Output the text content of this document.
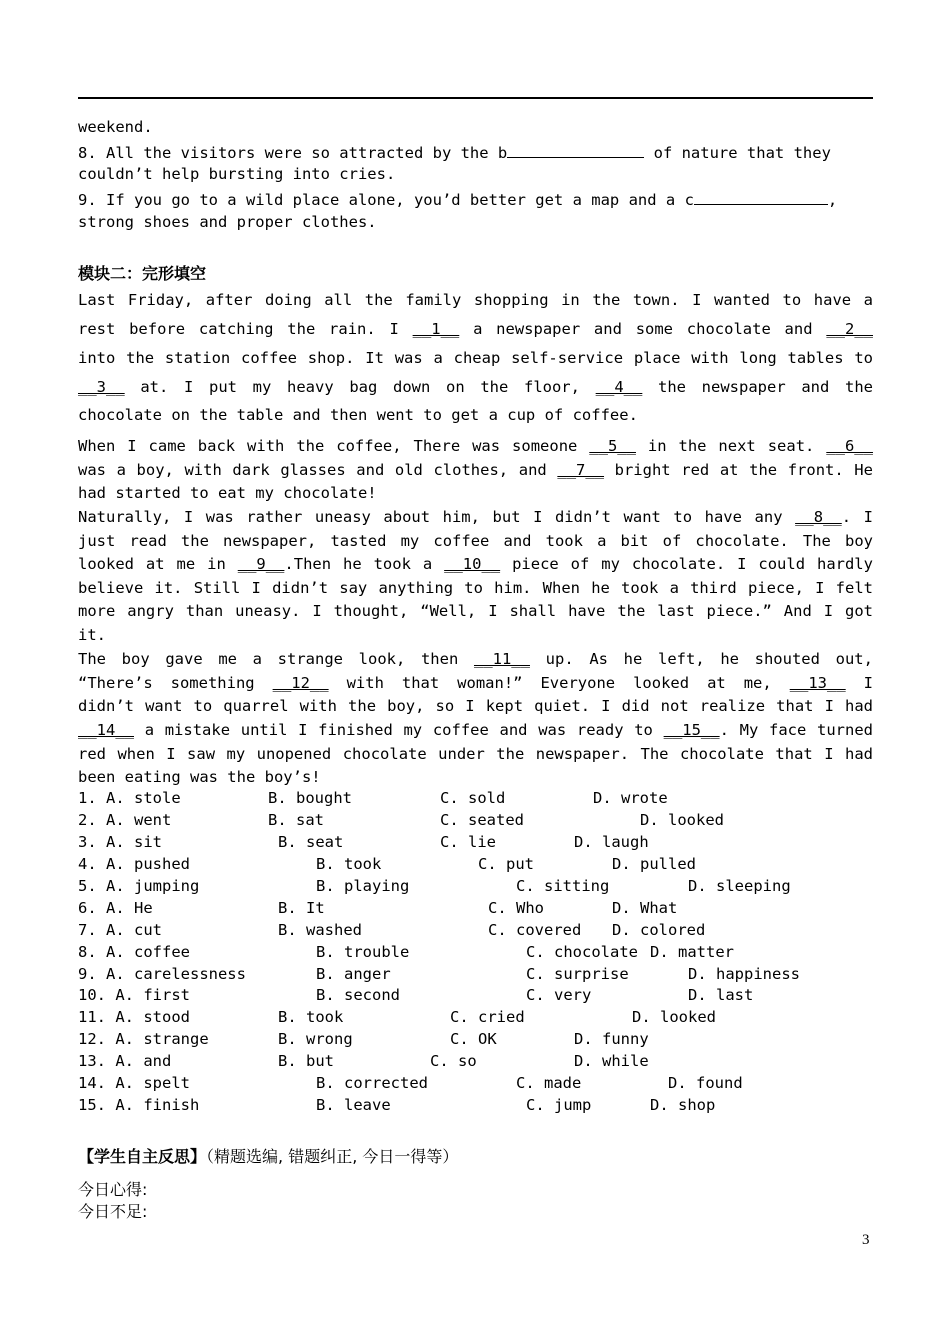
weekend.
8. All the visitors were so attracted by the b	of nature that they
couldn’t help bursting into cries.
9. If you go to a wild place alone, you’d better get a map and a c	,
strong shoes and proper clothes.
模块二：完形填空
Last Friday, after doing all the family shopping in the town. I wanted to have a
rest before catching the rain. I __1__ a newspaper and some chocolate and __2__
into the station coffee shop. It was a cheap self-service place with long tables to
__3__ at. I put my heavy bag down on the floor, __4__ the newspaper and the
chocolate on the table and then went to get a cup of coffee.
When I came back with the coffee, There was someone __5__ in the next seat. __6__
was a boy, with dark glasses and old clothes, and __7__ bright red at the front. He
had started to eat my chocolate!
Naturally, I was rather uneasy about him, but I didn’t want to have any __8__. I
just read the newspaper, tasted my coffee and took a bit of chocolate. The boy
looked at me in __9__.Then he took a __10__ piece of my chocolate. I could hardly
believe it. Still I didn’t say anything to him. When he took a third piece, I felt
more angry than uneasy. I thought, “Well, I shall have the last piece.” And I got
it.
The boy gave me a strange look, then __11__ up. As he left, he shouted out,
“There’s something __12__ with that woman!” Everyone looked at me, __13__ I
didn’t want to quarrel with the boy, so I kept quiet. I did not realize that I had
__14__ a mistake until I finished my coffee and was ready to __15__. My face turned
red when I saw my unopened chocolate under the newspaper. The chocolate that I had
been eating was the boy’s!
1. A. stole	B. bought	C. sold	D. wrote
2. A. went	B. sat	C. seated	D. looked
3. A. sit	B. seat	C. lie	D. laugh
4. A. pushed	B. took	C. put	D. pulled
5. A. jumping	B. playing	C. sitting	D. sleeping
6. A. He	B. It	C. Who	D. What
7. A. cut	B. washed	C. covered D. colored
8. A. coffee	B. trouble	C. chocolate D. matter
9. A. carelessness	B. anger	C. surprise	D. happiness
10. A. first	B. second	C. very	D. last
11. A. stood	B. took	C. cried	D. looked
12. A. strange	B. wrong	C. OK	D. funny
13. A. and	B. but	C. so	D. while
14. A. spelt	B. corrected	C. made	D. found
15. A. finish	B. leave	C. jump	D. shop
【学生自主反思】（精题选编, 错题纠正, 今日一得等）
今日心得:
今日不足:
3
